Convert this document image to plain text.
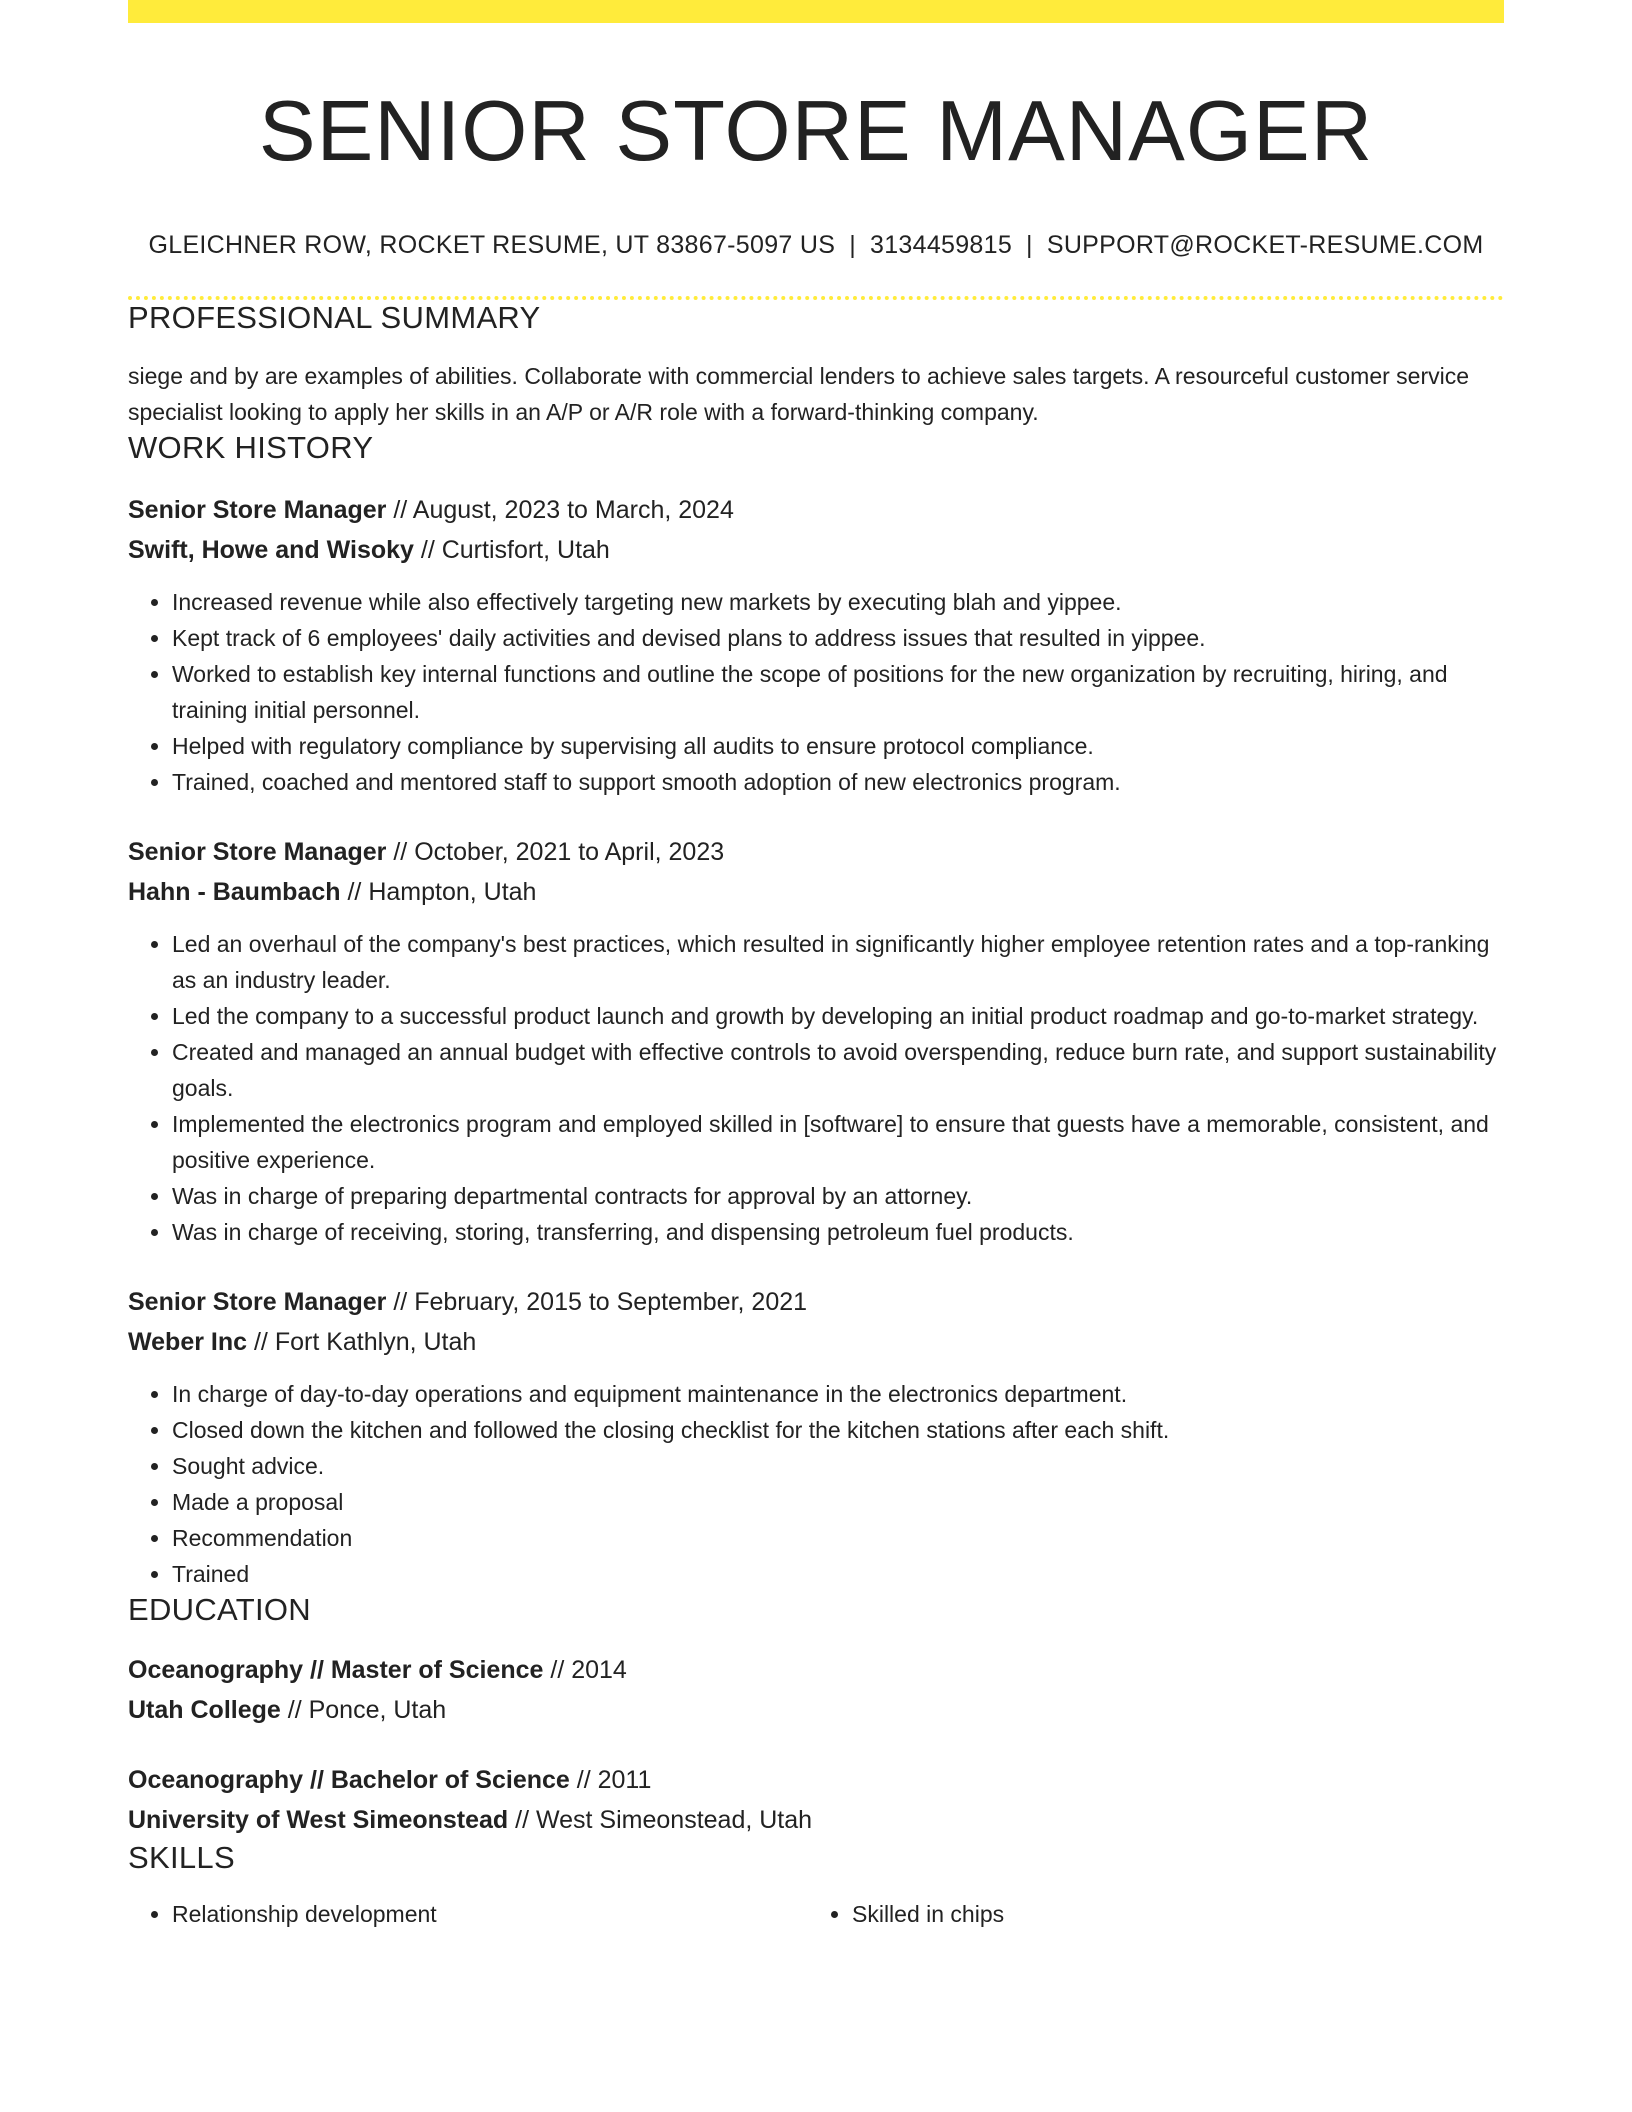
SENIOR STORE MANAGER
GLEICHNER ROW, ROCKET RESUME, UT 83867-5097 US | 3134459815 | SUPPORT@ROCKET-RESUME.COM
PROFESSIONAL SUMMARY
siege and by are examples of abilities. Collaborate with commercial lenders to achieve sales targets. A resourceful customer service specialist looking to apply her skills in an A/P or A/R role with a forward-thinking company.
WORK HISTORY
Senior Store Manager // August, 2023 to March, 2024
Swift, Howe and Wisoky // Curtisfort, Utah
• Increased revenue while also effectively targeting new markets by executing blah and yippee.
• Kept track of 6 employees' daily activities and devised plans to address issues that resulted in yippee.
• Worked to establish key internal functions and outline the scope of positions for the new organization by recruiting, hiring, and training initial personnel.
• Helped with regulatory compliance by supervising all audits to ensure protocol compliance.
• Trained, coached and mentored staff to support smooth adoption of new electronics program.
Senior Store Manager // October, 2021 to April, 2023
Hahn - Baumbach // Hampton, Utah
• Led an overhaul of the company's best practices, which resulted in significantly higher employee retention rates and a top-ranking as an industry leader.
• Led the company to a successful product launch and growth by developing an initial product roadmap and go-to-market strategy.
• Created and managed an annual budget with effective controls to avoid overspending, reduce burn rate, and support sustainability goals.
• Implemented the electronics program and employed skilled in [software] to ensure that guests have a memorable, consistent, and positive experience.
• Was in charge of preparing departmental contracts for approval by an attorney.
• Was in charge of receiving, storing, transferring, and dispensing petroleum fuel products.
Senior Store Manager // February, 2015 to September, 2021
Weber Inc // Fort Kathlyn, Utah
• In charge of day-to-day operations and equipment maintenance in the electronics department.
• Closed down the kitchen and followed the closing checklist for the kitchen stations after each shift.
• Sought advice.
• Made a proposal
• Recommendation
• Trained
EDUCATION
Oceanography // Master of Science // 2014
Utah College // Ponce, Utah
Oceanography // Bachelor of Science // 2011
University of West Simeonstead // West Simeonstead, Utah
SKILLS
• Relationship development
•	Skilled in chips
